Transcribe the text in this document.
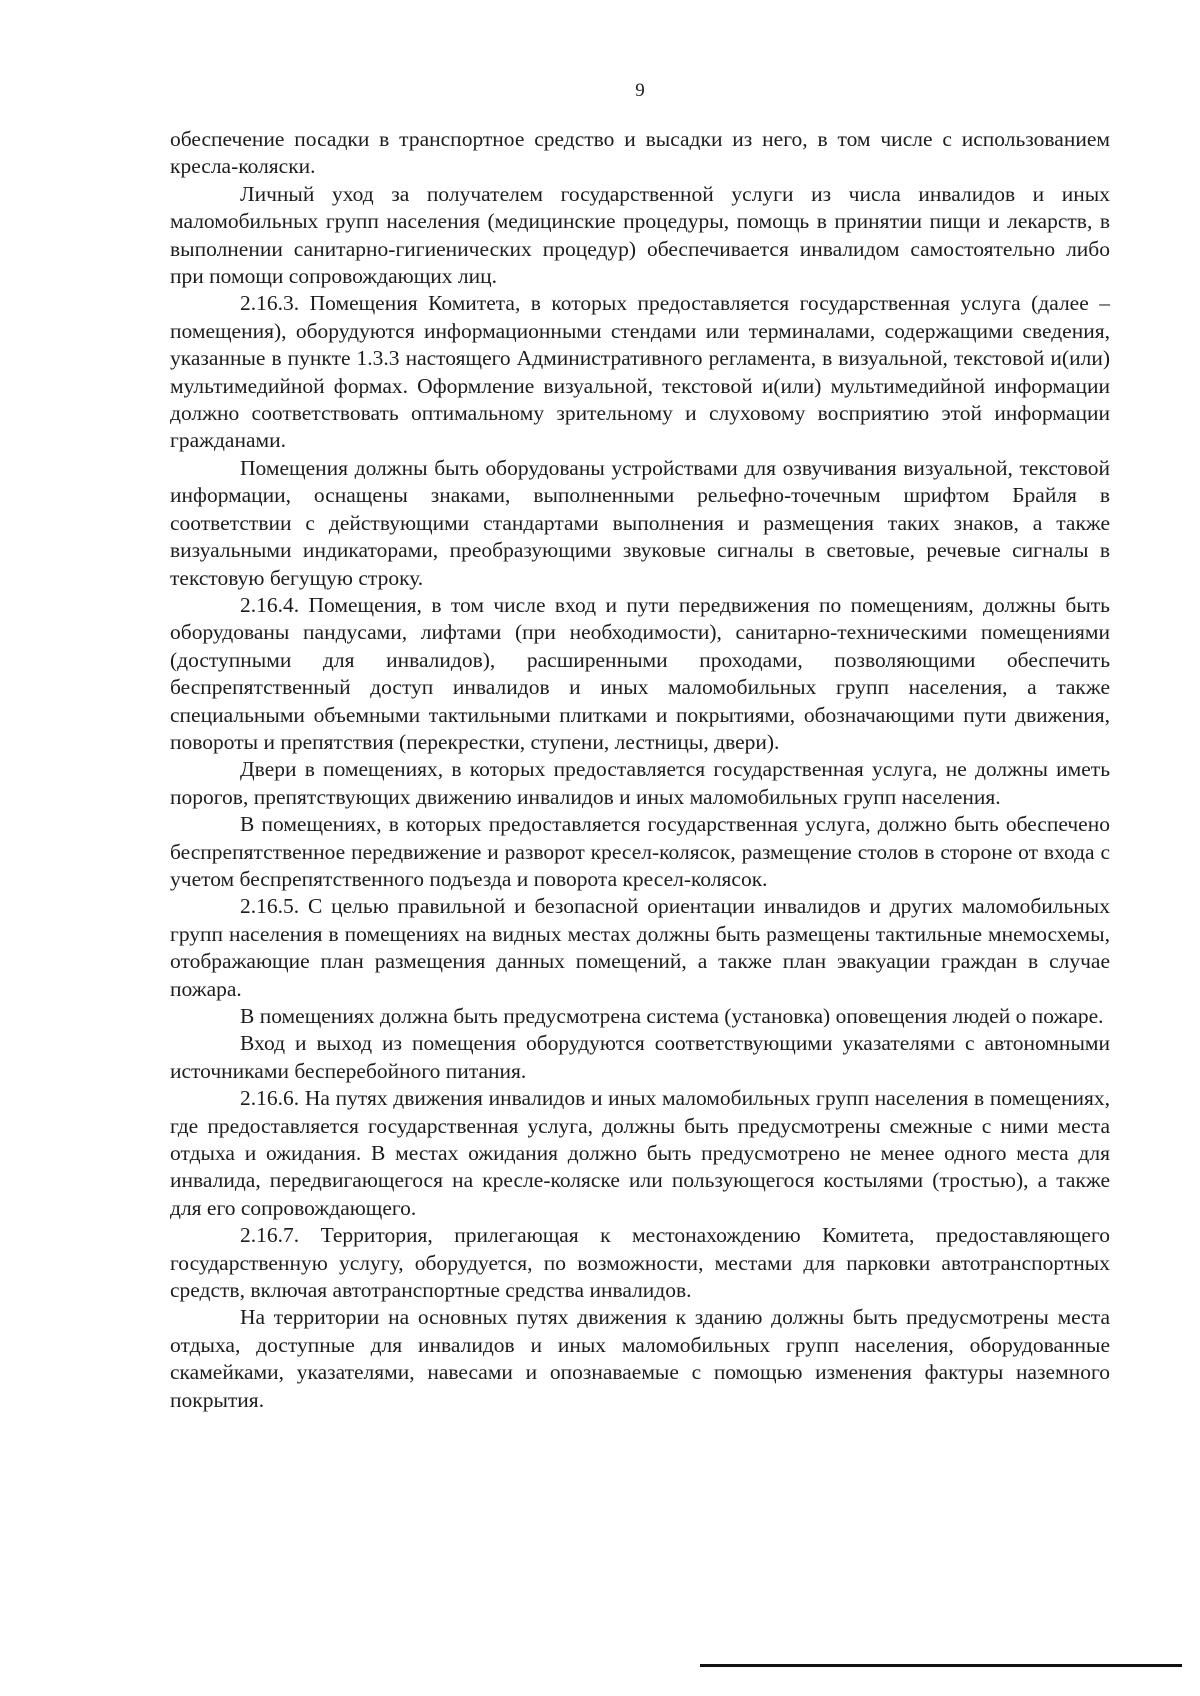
9

обеспечение посадки в транспортное средство и высадки из него, в том числе с использованием кресла-коляски.

Личный уход за получателем государственной услуги из числа инвалидов и иных маломобильных групп населения (медицинские процедуры, помощь в принятии пищи и лекарств, в выполнении санитарно-гигиенических процедур) обеспечивается инвалидом самостоятельно либо при помощи сопровождающих лиц.

2.16.3. Помещения Комитета, в которых предоставляется государственная услуга (далее – помещения), оборудуются информационными стендами или терминалами, содержащими сведения, указанные в пункте 1.3.3 настоящего Административного регламента, в визуальной, текстовой и(или) мультимедийной формах. Оформление визуальной, текстовой и(или) мультимедийной информации должно соответствовать оптимальному зрительному и слуховому восприятию этой информации гражданами.

Помещения должны быть оборудованы устройствами для озвучивания визуальной, текстовой информации, оснащены знаками, выполненными рельефно-точечным шрифтом Брайля в соответствии с действующими стандартами выполнения и размещения таких знаков, а также визуальными индикаторами, преобразующими звуковые сигналы в световые, речевые сигналы в текстовую бегущую строку.

2.16.4. Помещения, в том числе вход и пути передвижения по помещениям, должны быть оборудованы пандусами, лифтами (при необходимости), санитарно-техническими помещениями (доступными для инвалидов), расширенными проходами, позволяющими обеспечить беспрепятственный доступ инвалидов и иных маломобильных групп населения, а также специальными объемными тактильными плитками и покрытиями, обозначающими пути движения, повороты и препятствия (перекрестки, ступени, лестницы, двери).

Двери в помещениях, в которых предоставляется государственная услуга, не должны иметь порогов, препятствующих движению инвалидов и иных маломобильных групп населения.

В помещениях, в которых предоставляется государственная услуга, должно быть обеспечено беспрепятственное передвижение и разворот кресел-колясок, размещение столов в стороне от входа с учетом беспрепятственного подъезда и поворота кресел-колясок.

2.16.5. С целью правильной и безопасной ориентации инвалидов и других маломобильных групп населения в помещениях на видных местах должны быть размещены тактильные мнемосхемы, отображающие план размещения данных помещений, а также план эвакуации граждан в случае пожара.

В помещениях должна быть предусмотрена система (установка) оповещения людей о пожаре.

Вход и выход из помещения оборудуются соответствующими указателями с автономными источниками бесперебойного питания.

2.16.6. На путях движения инвалидов и иных маломобильных групп населения в помещениях, где предоставляется государственная услуга, должны быть предусмотрены смежные с ними места отдыха и ожидания. В местах ожидания должно быть предусмотрено не менее одного места для инвалида, передвигающегося на кресле-коляске или пользующегося костылями (тростью), а также для его сопровождающего.

2.16.7. Территория, прилегающая к местонахождению Комитета, предоставляющего государственную услугу, оборудуется, по возможности, местами для парковки автотранспортных средств, включая автотранспортные средства инвалидов.

На территории на основных путях движения к зданию должны быть предусмотрены места отдыха, доступные для инвалидов и иных маломобильных групп населения, оборудованные скамейками, указателями, навесами и опознаваемые с помощью изменения фактуры наземного покрытия.
